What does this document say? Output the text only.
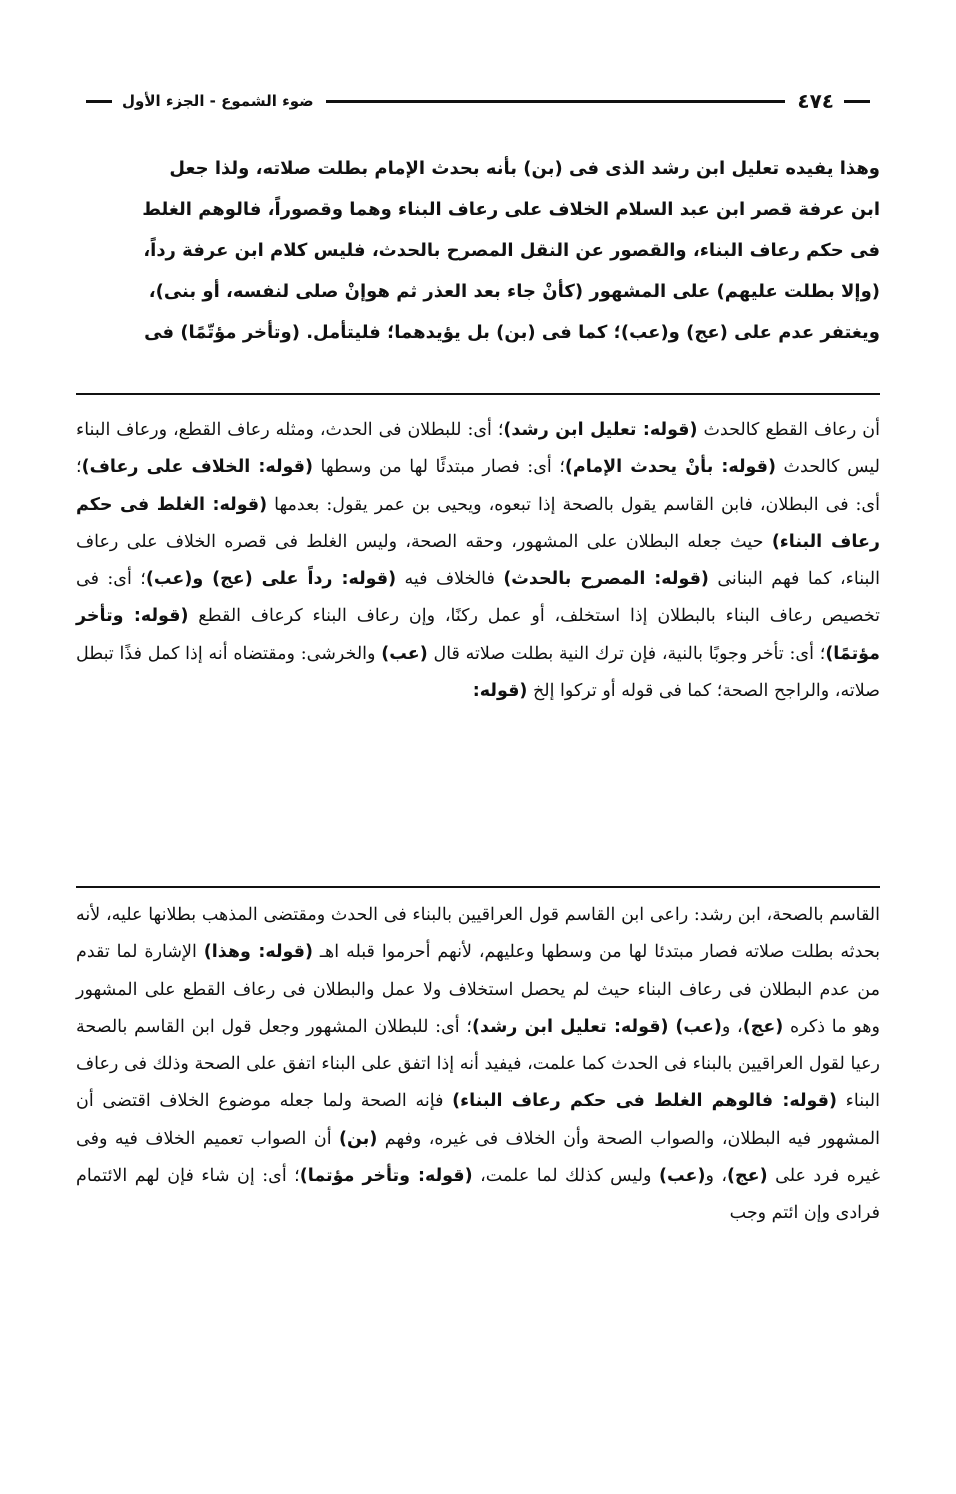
٤٧٤
ضوء الشموع - الجزء الأول

وهذا يفيده تعليل ابن رشد الذى فى (بن) بأنه بحدث الإمام بطلت صلاته، ولذا جعل

ابن عرفة قصر ابن عبد السلام الخلاف على رعاف البناء وهما وقصوراً، فالوهم الغلط

فى حكم رعاف البناء، والقصور عن النقل المصرح بالحدث، فليس كلام ابن عرفة رداً،

(وإلا بطلت عليهم) على المشهور (كأنْ جاء بعد العذر ثم هوإنْ صلى لنفسه، أو بنى)،

ويغتفر عدم على (عج) و(عب)؛ كما فى (بن) بل يؤيدهما؛ فليتأمل. (وتأخر مؤتّمًا) فى

أن رعاف القطع كالحدث (قوله: تعليل ابن رشد)؛ أى: للبطلان فى الحدث، ومثله رعاف القطع، ورعاف البناء ليس كالحدث (قوله: بأنْ يحدث الإمام)؛ أى: فصار مبتدئًا لها من وسطها (قوله: الخلاف على رعاف)؛ أى: فى البطلان، فابن القاسم يقول بالصحة إذا تبعوه، ويحيى بن عمر يقول: بعدمها (قوله: الغلط فى حكم رعاف البناء) حيث جعله البطلان على المشهور، وحقه الصحة، وليس الغلط فى قصره الخلاف على رعاف البناء، كما فهم البنانى (قوله: المصرح بالحدث) فالخلاف فيه (قوله: رداً على (عج) و(عب)؛ أى: فى تخصيص رعاف البناء بالبطلان إذا استخلف، أو عمل ركنًا، وإن رعاف البناء كرعاف القطع (قوله: وتأخر مؤتمًا)؛ أى: تأخر وجوبًا بالنية، فإن ترك النية بطلت صلاته قال (عب) والخرشى: ومقتضاه أنه إذا كمل فذًا تبطل صلاته، والراجح الصحة؛ كما فى قوله أو تركوا إلخ (قوله:

القاسم بالصحة، ابن رشد: راعى ابن القاسم قول العراقيين بالبناء فى الحدث ومقتضى المذهب بطلانها عليه، لأنه بحدثه بطلت صلاته فصار مبتدئا لها من وسطها وعليهم، لأنهم أحرموا قبله اهـ (قوله: وهذا) الإشارة لما تقدم من عدم البطلان فى رعاف البناء حيث لم يحصل استخلاف ولا عمل والبطلان فى رعاف القطع على المشهور وهو ما ذكره (عج)، و(عب) (قوله: تعليل ابن رشد)؛ أى: للبطلان المشهور وجعل قول ابن القاسم بالصحة رعيا لقول العراقيين بالبناء فى الحدث كما علمت، فيفيد أنه إذا اتفق على البناء اتفق على الصحة وذلك فى رعاف البناء (قوله: فالوهم الغلط فى حكم رعاف البناء) فإنه الصحة ولما جعله موضوع الخلاف اقتضى أن المشهور فيه البطلان، والصواب الصحة وأن الخلاف فى غيره، وفهم (بن) أن الصواب تعميم الخلاف فيه وفى غيره فرد على (عج)، و(عب) وليس كذلك لما علمت، (قوله: وتأخر مؤتما)؛ أى: إن شاء فإن لهم الائتمام فرادى وإن ائتم وجب
